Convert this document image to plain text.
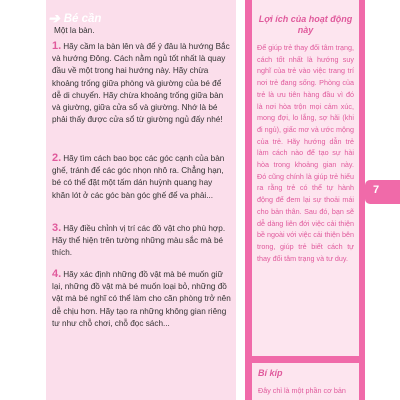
➔ Bé cần
Một la bàn.
1. Hãy cầm la bàn lên và để ý đâu là hướng Bắc và hướng Đông. Cách nằm ngủ tốt nhất là quay đầu về một trong hai hướng này. Hãy chừa khoảng trống giữa phòng và giường của bé để dễ di chuyển. Hãy chừa khoảng trống giữa bàn và giường, giữa cửa sổ và giường. Nhớ là bé phải thấy được cửa sổ từ giường ngủ đấy nhé!
2. Hãy tìm cách bao bọc các góc cạnh của bàn ghế, tránh để các góc nhọn nhô ra. Chẳng hạn, bé có thể đặt một tấm dán huỳnh quang hay khăn lót ở các góc bàn góc ghế để va phải...
3. Hãy điều chỉnh vị trí các đồ vật cho phù hợp. Hãy thể hiện trên tường những màu sắc mà bé thích.
4. Hãy xác định những đồ vật mà bé muốn giữ lại, những đồ vật mà bé muốn loại bỏ, những đồ vật mà bé nghĩ có thể làm cho căn phòng trở nên dễ chịu hơn. Hãy tạo ra những không gian riêng tư như chỗ chơi, chỗ đọc sách...
Lợi ích của hoạt động này
Để giúp trẻ thay đổi tâm trạng, cách tốt nhất là hướng suy nghĩ của trẻ vào việc trang trí nơi trẻ đang sống. Phòng của trẻ là ưu tiên hàng đầu vì đó là nơi hòa trộn mọi cảm xúc, mong đợi, lo lắng, sợ hãi (khi đi ngủ), giấc mơ và ước mộng của trẻ. Hãy hướng dẫn trẻ làm cách nào để tạo sự hài hòa trong khoảng gian này. Đó cũng chính là giúp trẻ hiểu ra rằng trẻ có thể tự hành động để đem lại sự thoải mái cho bản thân. Sau đó, bạn sẽ dễ dàng liên đới việc cải thiện bề ngoài với việc cải thiện bên trong, giúp trẻ biết cách tự thay đổi tâm trạng và tư duy.
Bí kíp
Đây chỉ là một phần cơ bản
7
